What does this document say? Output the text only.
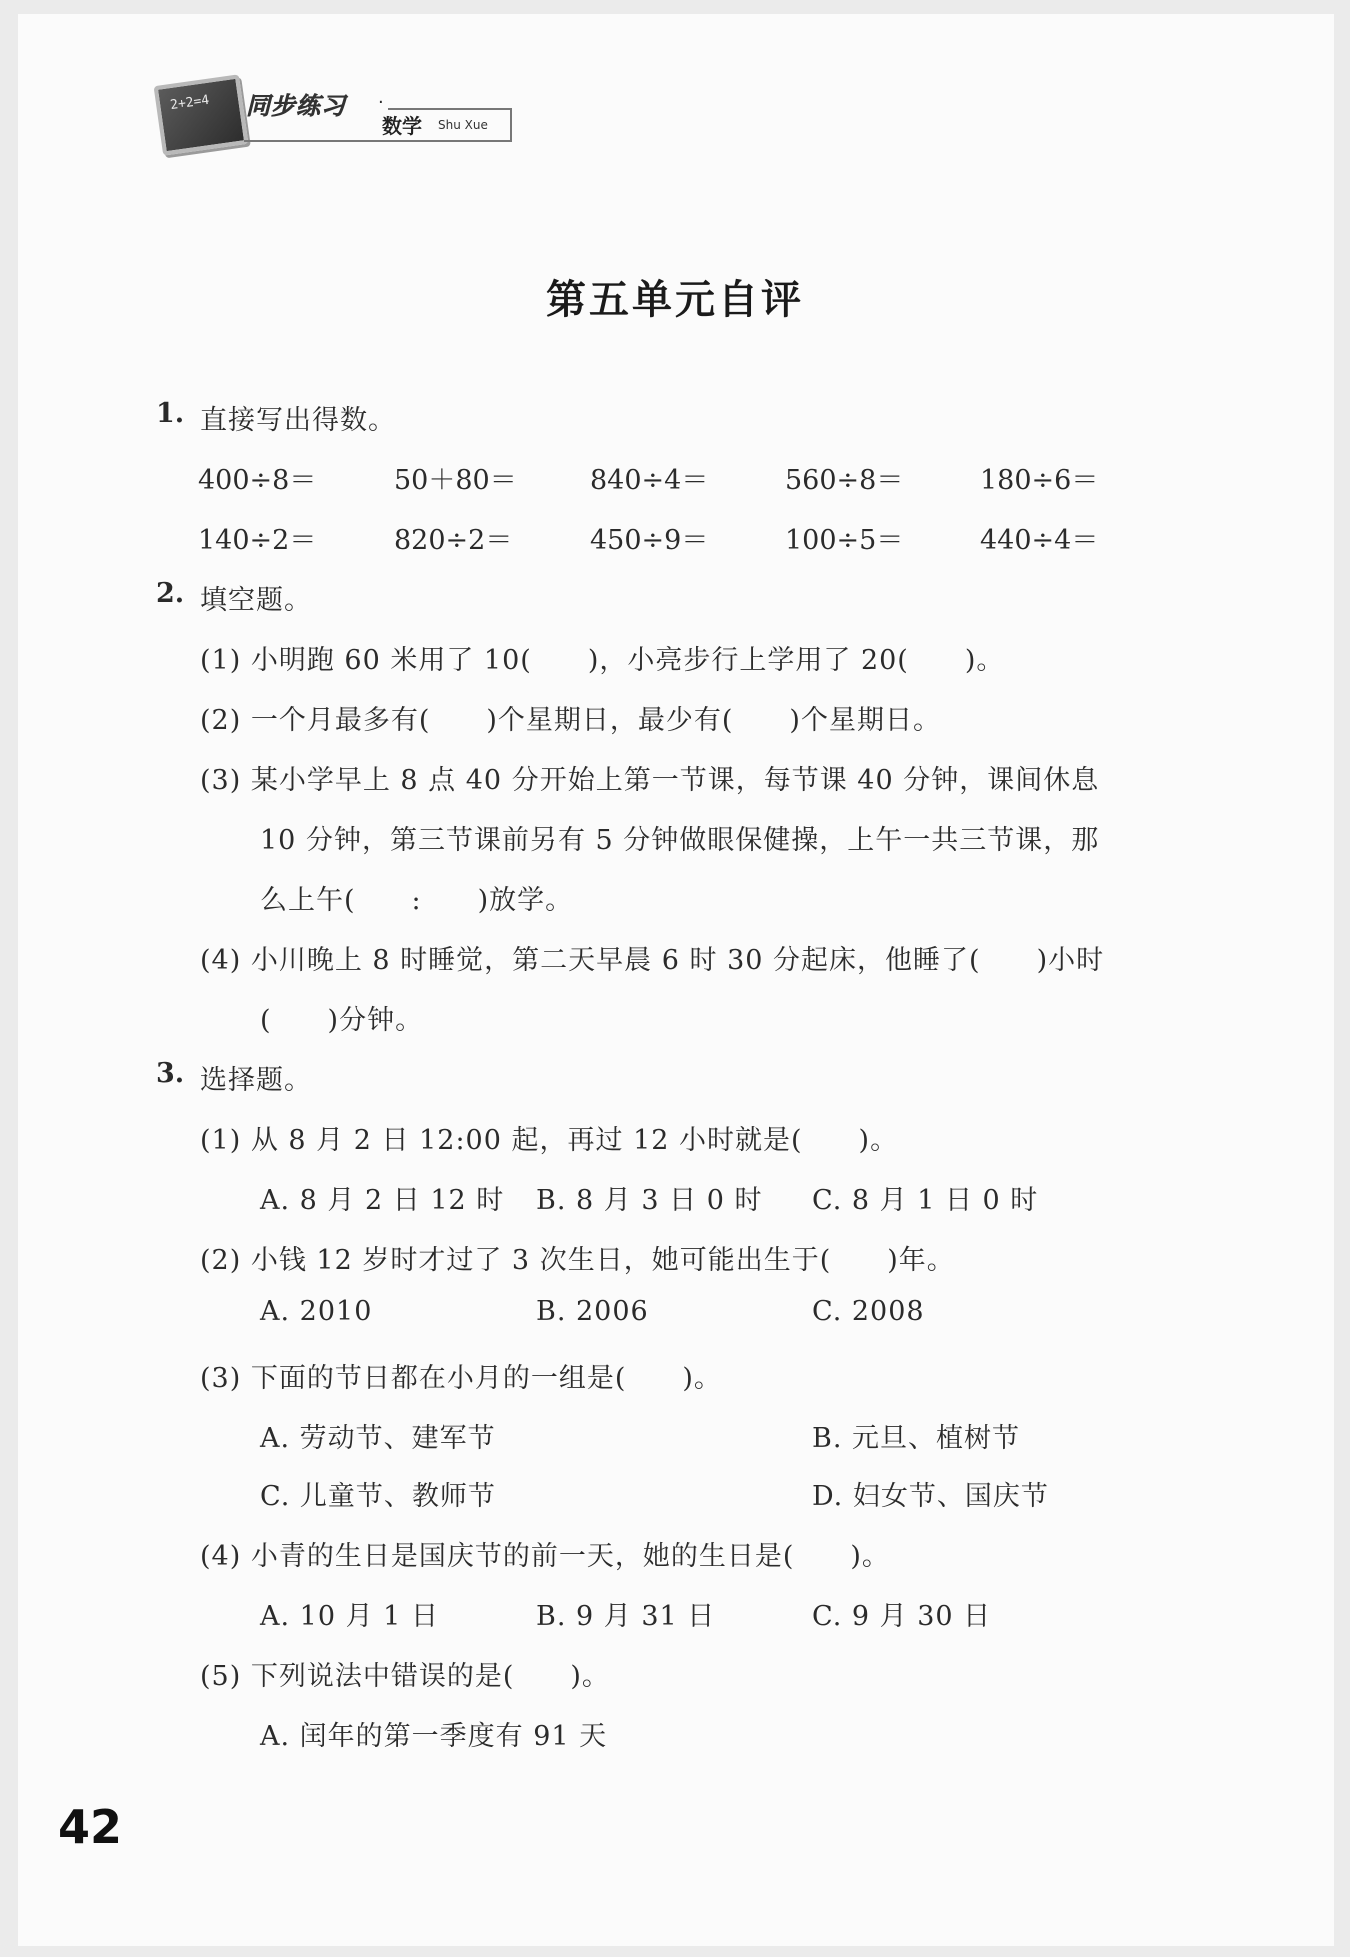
2+2=4 同步练习 ·
数学 Shu Xue
第五单元自评
1. 直接写出得数。
400÷8＝	50＋80＝	840÷4＝	560÷8＝	180÷6＝
140÷2＝	820÷2＝	450÷9＝	100÷5＝	440÷4＝
2. 填空题。
(1) 小明跑 60 米用了 10(　　)，小亮步行上学用了 20(　　)。
(2) 一个月最多有(　　)个星期日，最少有(　　)个星期日。
(3) 某小学早上 8 点 40 分开始上第一节课，每节课 40 分钟，课间休息
10 分钟，第三节课前另有 5 分钟做眼保健操，上午一共三节课，那
么上午(　　:　　)放学。
(4) 小川晚上 8 时睡觉，第二天早晨 6 时 30 分起床，他睡了(　　)小时
(　　)分钟。
3. 选择题。
(1) 从 8 月 2 日 12:00 起，再过 12 小时就是(　　)。
A. 8 月 2 日 12 时 B. 8 月 3 日 0 时 C. 8 月 1 日 0 时
(2) 小钱 12 岁时才过了 3 次生日，她可能出生于(　　)年。
A. 2010	B. 2006	C. 2008
(3) 下面的节日都在小月的一组是(　　)。
A. 劳动节、建军节	B. 元旦、植树节
C. 儿童节、教师节	D. 妇女节、国庆节
(4) 小青的生日是国庆节的前一天，她的生日是(　　)。
A. 10 月 1 日	B. 9 月 31 日	C. 9 月 30 日
(5) 下列说法中错误的是(　　)。
A. 闰年的第一季度有 91 天
42
